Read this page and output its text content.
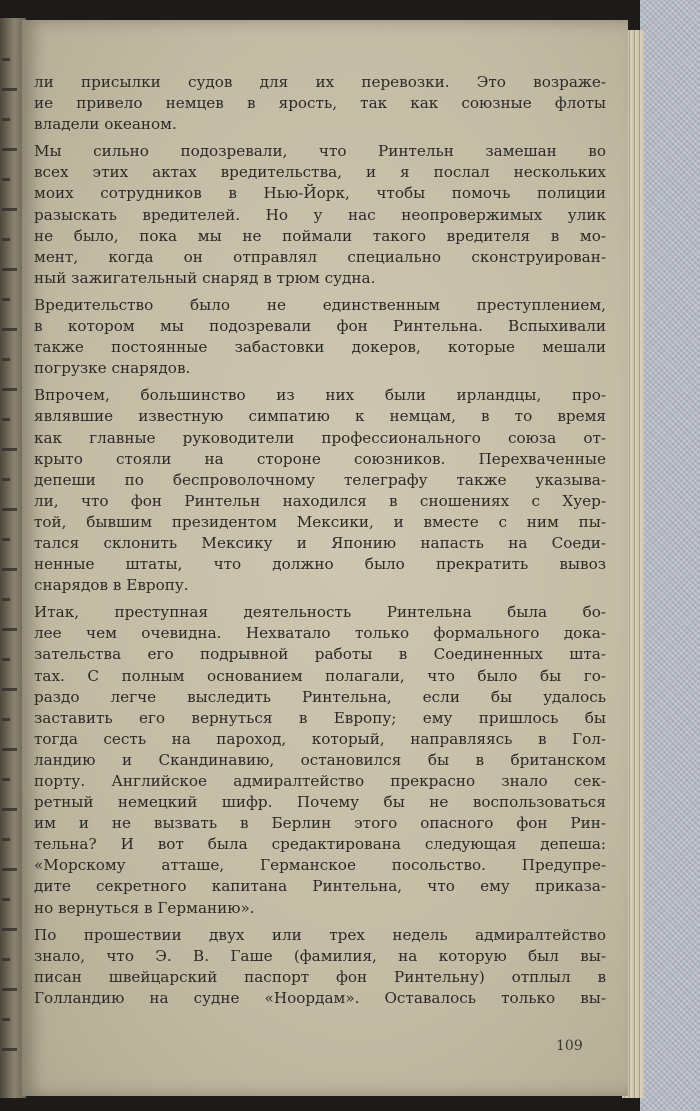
ли присылки судов для их перевозки. Это возраже-
ие привело немцев в ярость, так как союзные флоты
владели океаном.
Мы сильно подозревали, что Ринтельн замешан во
всех этих актах вредительства, и я послал нескольких
моих сотрудников в Нью-Йорк, чтобы помочь полиции
разыскать вредителей. Но у нас неопровержимых улик
не было, пока мы не поймали такого вредителя в мо-
мент, когда он отправлял специально сконструирован-
ный зажигательный снаряд в трюм судна.
Вредительство было не единственным преступлением,
в котором мы подозревали фон Ринтельна. Вспыхивали
также постоянные забастовки докеров, которые мешали
погрузке снарядов.
Впрочем, большинство из них были ирландцы, про-
являвшие известную симпатию к немцам, в то время
как главные руководители профессионального союза от-
крыто стояли на стороне союзников. Перехваченные
депеши по беспроволочному телеграфу также указыва-
ли, что фон Ринтельн находился в сношениях с Хуер-
той, бывшим президентом Мексики, и вместе с ним пы-
тался склонить Мексику и Японию напасть на Соеди-
ненные штаты, что должно было прекратить вывоз
снарядов в Европу.
Итак, преступная деятельность Ринтельна была бо-
лее чем очевидна. Нехватало только формального дока-
зательства его подрывной работы в Соединенных шта-
тах. С полным основанием полагали, что было бы го-
раздо легче выследить Ринтельна, если бы удалось
заставить его вернуться в Европу; ему пришлось бы
тогда сесть на пароход, который, направляясь в Гол-
ландию и Скандинавию, остановился бы в британском
порту. Английское адмиралтейство прекрасно знало сек-
ретный немецкий шифр. Почему бы не воспользоваться
им и не вызвать в Берлин этого опасного фон Рин-
тельна? И вот была средактирована следующая депеша:
«Морскому атташе, Германское посольство. Предупре-
дите секретного капитана Ринтельна, что ему приказа-
но вернуться в Германию».
По прошествии двух или трех недель адмиралтейство
знало, что Э. В. Гаше (фамилия, на которую был вы-
писан швейцарский паспорт фон Ринтельну) отплыл в
Голландию на судне «Ноордам». Оставалось только вы-
109
